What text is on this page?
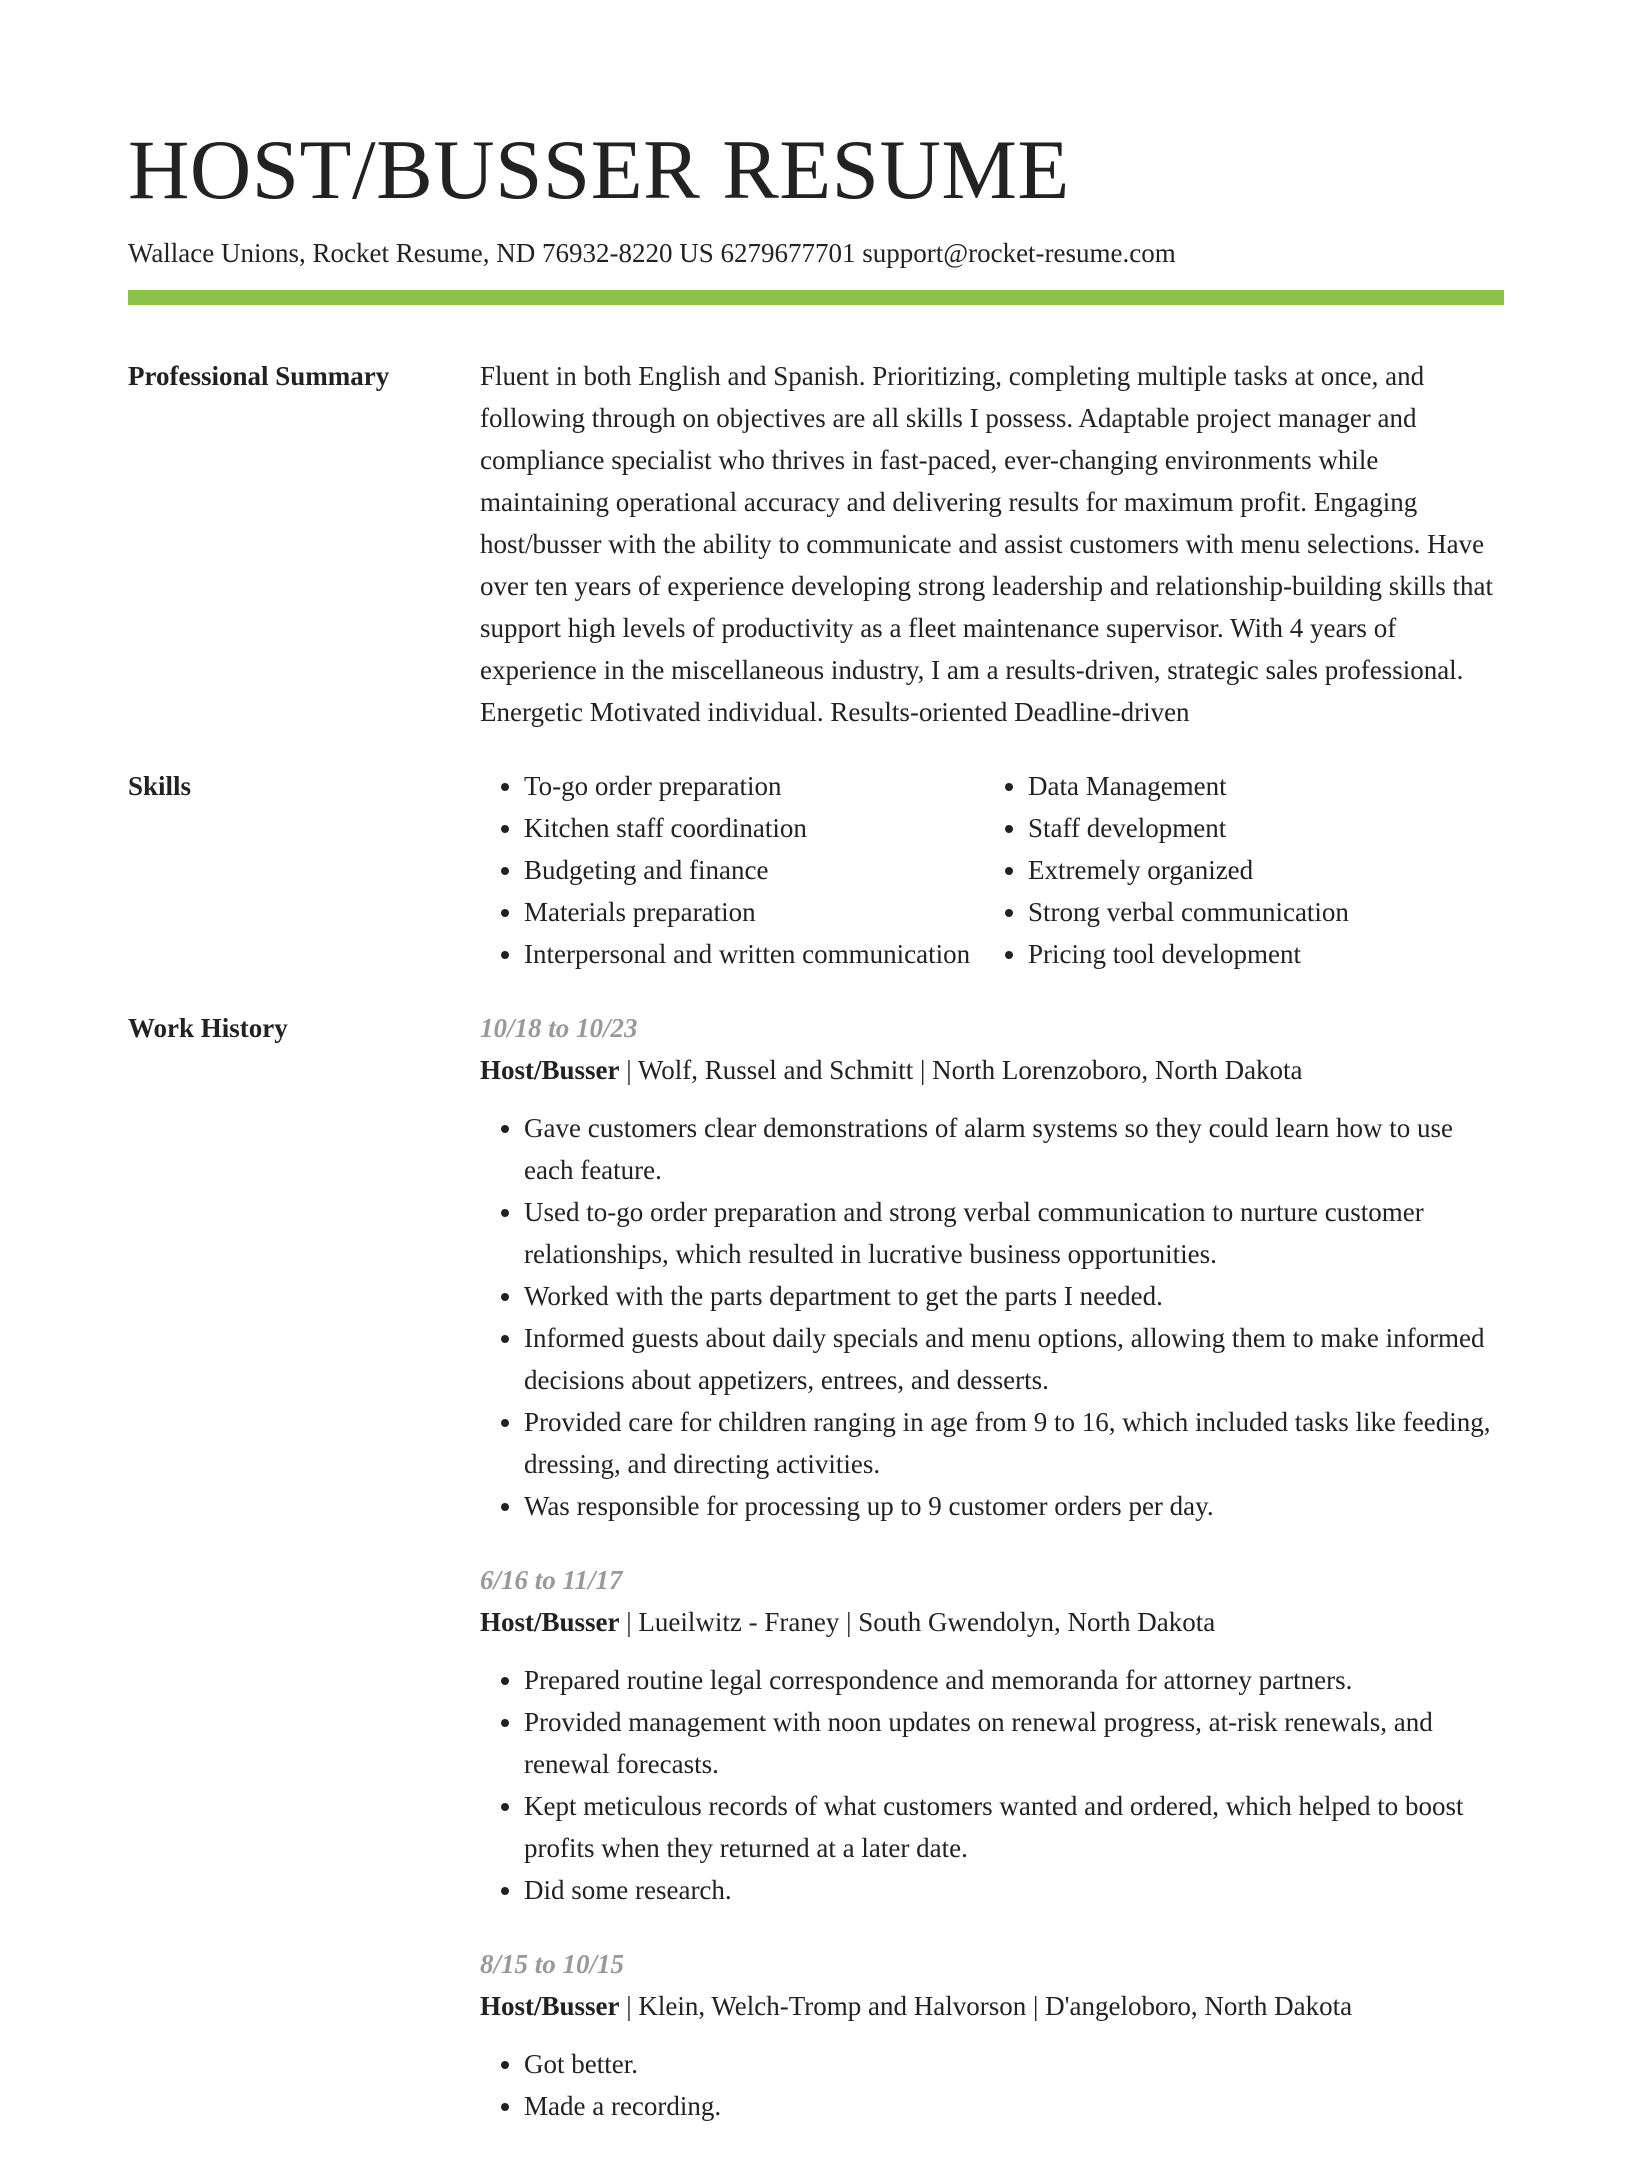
HOST/BUSSER RESUME
Wallace Unions, Rocket Resume, ND 76932-8220 US 6279677701 support@rocket-resume.com
Professional Summary	Fluent in both English and Spanish. Prioritizing, completing multiple tasks at once, and following through on objectives are all skills I possess. Adaptable project manager and compliance specialist who thrives in fast-paced, ever-changing environments while maintaining operational accuracy and delivering results for maximum profit. Engaging host/busser with the ability to communicate and assist customers with menu selections. Have over ten years of experience developing strong leadership and relationship-building skills that support high levels of productivity as a fleet maintenance supervisor. With 4 years of experience in the miscellaneous industry, I am a results-driven, strategic sales professional. Energetic Motivated individual. Results-oriented Deadline-driven

Skills
•	To-go order preparation
• Kitchen staff coordination
• Budgeting and finance
• Materials preparation
• Interpersonal and written communication
• Data Management
• Staff development
• Extremely organized
• Strong verbal communication
• Pricing tool development
Work History	10/18 to 10/23
Host/Busser | Wolf, Russel and Schmitt | North Lorenzoboro, North Dakota
• Gave customers clear demonstrations of alarm systems so they could learn how to use each feature.
• Used to-go order preparation and strong verbal communication to nurture customer relationships, which resulted in lucrative business opportunities.
• Worked with the parts department to get the parts I needed.
• Informed guests about daily specials and menu options, allowing them to make informed decisions about appetizers, entrees, and desserts.
• Provided care for children ranging in age from 9 to 16, which included tasks like feeding, dressing, and directing activities.
• Was responsible for processing up to 9 customer orders per day.
6/16 to 11/17
Host/Busser | Lueilwitz - Franey | South Gwendolyn, North Dakota
• Prepared routine legal correspondence and memoranda for attorney partners.
• Provided management with noon updates on renewal progress, at-risk renewals, and renewal forecasts.
• Kept meticulous records of what customers wanted and ordered, which helped to boost profits when they returned at a later date.
• Did some research.
8/15 to 10/15
Host/Busser | Klein, Welch-Tromp and Halvorson | D'angeloboro, North Dakota
• Got better.
• Made a recording.
